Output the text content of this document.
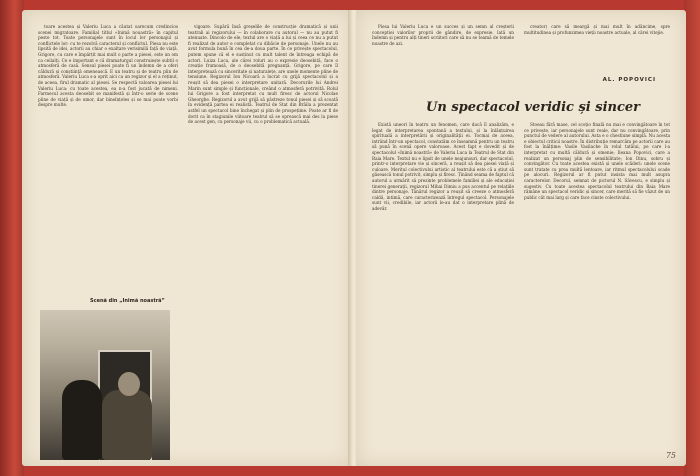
toare acestea și Valeriu Luca a căutat oarecum credincios scenei migratoare. Familial titlul «Inimă nouastră» în capitul peste tot. Toate personajele sunt în locul lor personajul și conflictele lor: cu te rezolvă caracterul și conflictul. Piesa nu este lipsită de idei, actorii au chiar o exaltare verisimilă față de viață. Grigore, cu care e împărțit mai mult o parte a piesei, este un om ca ceilalți. Ce e important e că dramaturgul construiește subtil o atmosferă de casă. Sensul piesei poate fi un îndemn de a oferi căldură și conștiință omenească. E un teatru și de teatru plin de atmosferă. Valeriu Luca s-a oprit aici ca un regizor și el a reținut, de aceea, firul dramatic al piesei. Se respectă valoarea piesei lui Valeriu Luca: cu toate acestea, ea n-a fost jucată de nimeni. Farmecul acesta deosebit se manifestă și într-o serie de scene pline de viață și de umor, dar bineînțeles și se mai poate vorbi despre multe.

vigoare. Supără însă greșelile de construcție dramatică și unii teatrali ai regizorului — în colaborare cu autorul — nu au putut fi atenuate. Dincolo de ele, textul are o viață a lui și ceea ce nu a putut fi realizat de autor e completat cu dibăcie de personaje. Unele nu au avut formula bună în cea de-a doua parte. În ce privește spectacolul, putem spune că el e susținut cu mult talent de întreaga echipă de actori. Luiza Luca, ale cărei roluri au o expresie deosebită, face o creație frumoasă, de o deosebită pregnanță. Grigore, pe care îl interpretează cu sinceritate și naturalețe, are unele momente pline de tensiune. Regizorul Ion Nicoară a lucrat cu grijă spectacolul și a reușit să dea piesei o interpretare unitară. Decorurile lui Andrei Marin sunt simple și funcționale, creând o atmosferă potrivită. Rolul lui Grigore a fost interpretat cu mult firesc de actorul Nicolae Gheorghe. Regizorul a avut grijă să păstreze tonul piesei și să scoată în evidență partea ei realistă. Teatrul de Stat din Brăila a prezentat astfel un spectacol bine închegat și plin de prospețime. Poate ar fi de dorit ca în stagiunile viitoare teatrul să se oprească mai des la piese de acest gen, cu personaje vii, cu o problematică actuală.

Scenă din „Inimă noastră”

Piesa lui Valeriu Luca e un succes și un semn al creșterii conceptiei valorilor proprii de gândire, de expresie. Iată un îndemn și pentru alți tineri scriitori care să nu se teamă de temele noastre de azi.

creator) care să meargă și mai mult în adâncime, spre multitudinea și profunzimea vieții noastre actuale, al cărei vitejie.

AL. POPOVICI
Un spectacol veridic și sincer

Există uneori în teatru un fenomen, care dacă îl analizăm, e legat de interpretarea spontană a textului, și la înlănțuirea spirituală a interpretării și originalității ei. Tocmai de aceea, intrând într-un spectacol, constatăm ce înseamnă pentru un teatru să pună în scenă opere valoroase. Acest fapt e dovedit și de spectacolul «Inimă noastră» de Valeriu Luca la Teatrul de Stat din Baia Mare. Textul nu e lipsit de unele neajunsuri, dar spectacolul, printr-o interpretare vie și sinceră, a reușit să dea piesei viață și culoare. Meritul colectivului artistic al teatrului este că a știut să găsească tonul potrivit, simplu și firesc. Ținând seama de faptul că autorul a urmărit să prezinte problemele familiei și ale educației tinerei generații, regizorul Mihai Dimiu a pus accentul pe relațiile dintre personaje. Tânărul regizor a reușit să creeze o atmosferă caldă, intimă, care caracterizează întregul spectacol. Personajele sunt vii, credibile, iar actorii le-au dat o interpretare plină de adevăr.

Stoeau fără mase, cel scoțio finală nu mai e convingătoare în tot ce privește, iar personajele sunt reale, dar nu convingătoare, prin punctul de vedere al autorului. Asta e o chestiune simplă. Nu acesta e obiectul criticii noastre. În distribuție remarcăm pe actorii care au fost la înălțime: Vasile Vasilache în rolul tatălui, pe care l-a interpretat cu multă căldură și omenie; Ileana Popovici, care a realizat un personaj plin de sensibilitate; Ion Dinu, sobru și convingător. Cu toate acestea există și unele scăderi: unele scene sunt tratate cu prea multă lentoare, iar ritmul spectacolului scade pe alocuri. Regizorul ar fi putut insista mai mult asupra caracterelor. Decorul, semnat de pictorul N. Săvescu, e simplu și sugestiv. Cu toate acestea spectacolul teatrului din Baia Mare rămâne un spectacol veridic și sincer, care merită să fie văzut de un public cât mai larg și care face cinste colectivului.

75
